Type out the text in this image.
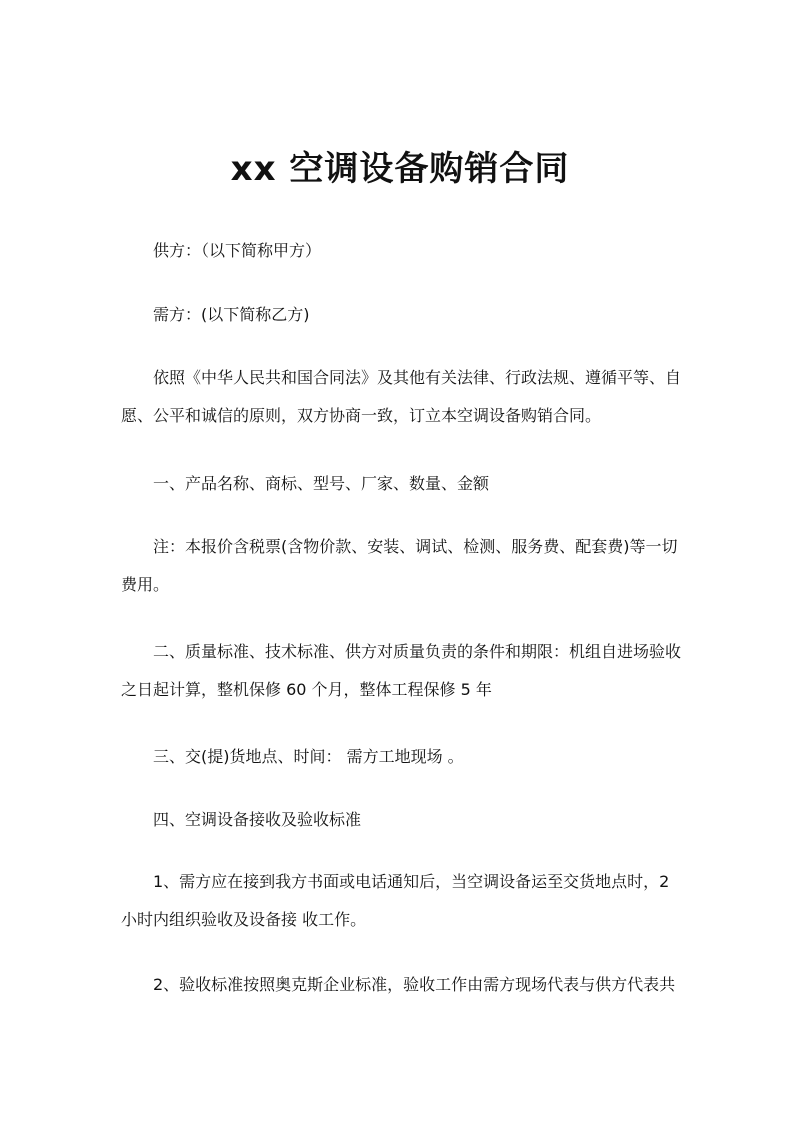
xx 空调设备购销合同

供方：（以下简称甲方）

需方：(以下简称乙方)

依照《中华人民共和国合同法》及其他有关法律、行政法规、遵循平等、自
愿、公平和诚信的原则，双方协商一致，订立本空调设备购销合同。

一、产品名称、商标、型号、厂家、数量、金额

注：本报价含税票(含物价款、安装、调试、检测、服务费、配套费)等一切
费用。

二、质量标准、技术标准、供方对质量负责的条件和期限：机组自进场验收
之日起计算，整机保修 60 个月，整体工程保修 5 年

三、交(提)货地点、时间： 需方工地现场 。

四、空调设备接收及验收标准

1、需方应在接到我方书面或电话通知后，当空调设备运至交货地点时，2
小时内组织验收及设备接 收工作。

2、验收标准按照奥克斯企业标准，验收工作由需方现场代表与供方代表共
